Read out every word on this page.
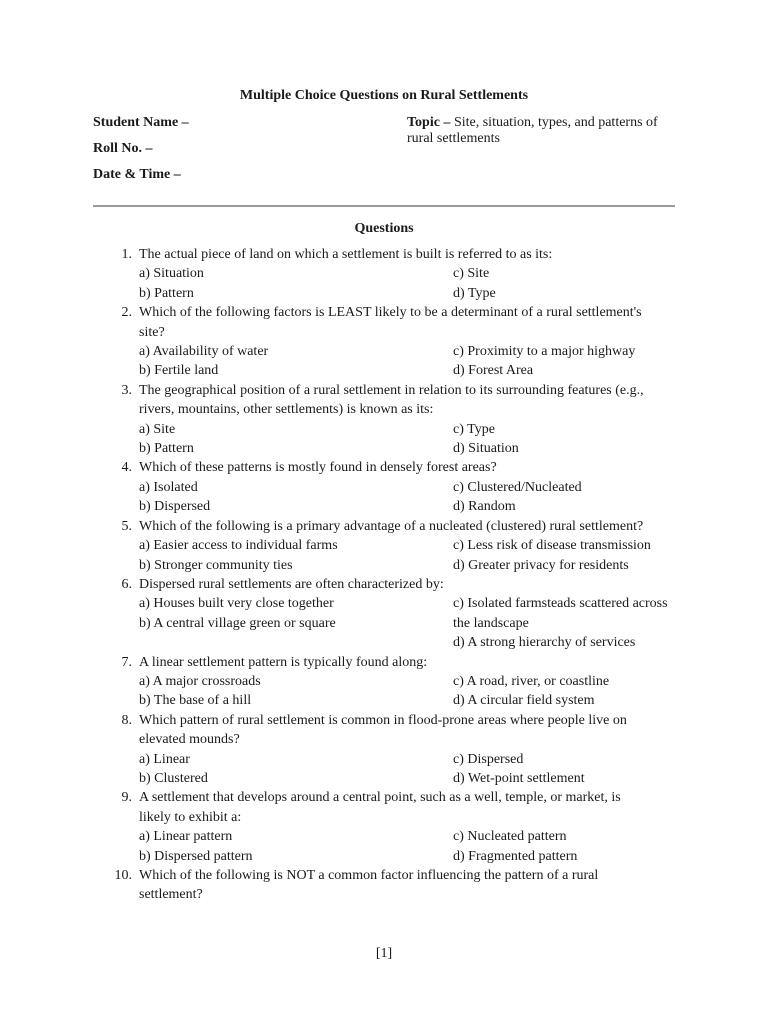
Multiple Choice Questions on Rural Settlements
Student Name –
Roll No. –
Date & Time –
Topic – Site, situation, types, and patterns of rural settlements
Questions
1. The actual piece of land on which a settlement is built is referred to as its:
a) Situation	c) Site
b) Pattern	d) Type
2. Which of the following factors is LEAST likely to be a determinant of a rural settlement's site?
a) Availability of water	c) Proximity to a major highway
b) Fertile land	d) Forest Area
3. The geographical position of a rural settlement in relation to its surrounding features (e.g., rivers, mountains, other settlements) is known as its:
a) Site	c) Type
b) Pattern	d) Situation
4. Which of these patterns is mostly found in densely forest areas?
a) Isolated	c) Clustered/Nucleated
b) Dispersed	d) Random
5. Which of the following is a primary advantage of a nucleated (clustered) rural settlement?
a) Easier access to individual farms	c) Less risk of disease transmission
b) Stronger community ties	d) Greater privacy for residents
6. Dispersed rural settlements are often characterized by:
a) Houses built very close together
b) A central village green or square
c) Isolated farmsteads scattered across the landscape
d) A strong hierarchy of services
7. A linear settlement pattern is typically found along:
a) A major crossroads	c) A road, river, or coastline
b) The base of a hill	d) A circular field system
8. Which pattern of rural settlement is common in flood-prone areas where people live on elevated mounds?
a) Linear	c) Dispersed
b) Clustered	d) Wet-point settlement
9. A settlement that develops around a central point, such as a well, temple, or market, is likely to exhibit a:
a) Linear pattern	c) Nucleated pattern
b) Dispersed pattern	d) Fragmented pattern
10. Which of the following is NOT a common factor influencing the pattern of a rural settlement?
[1]
